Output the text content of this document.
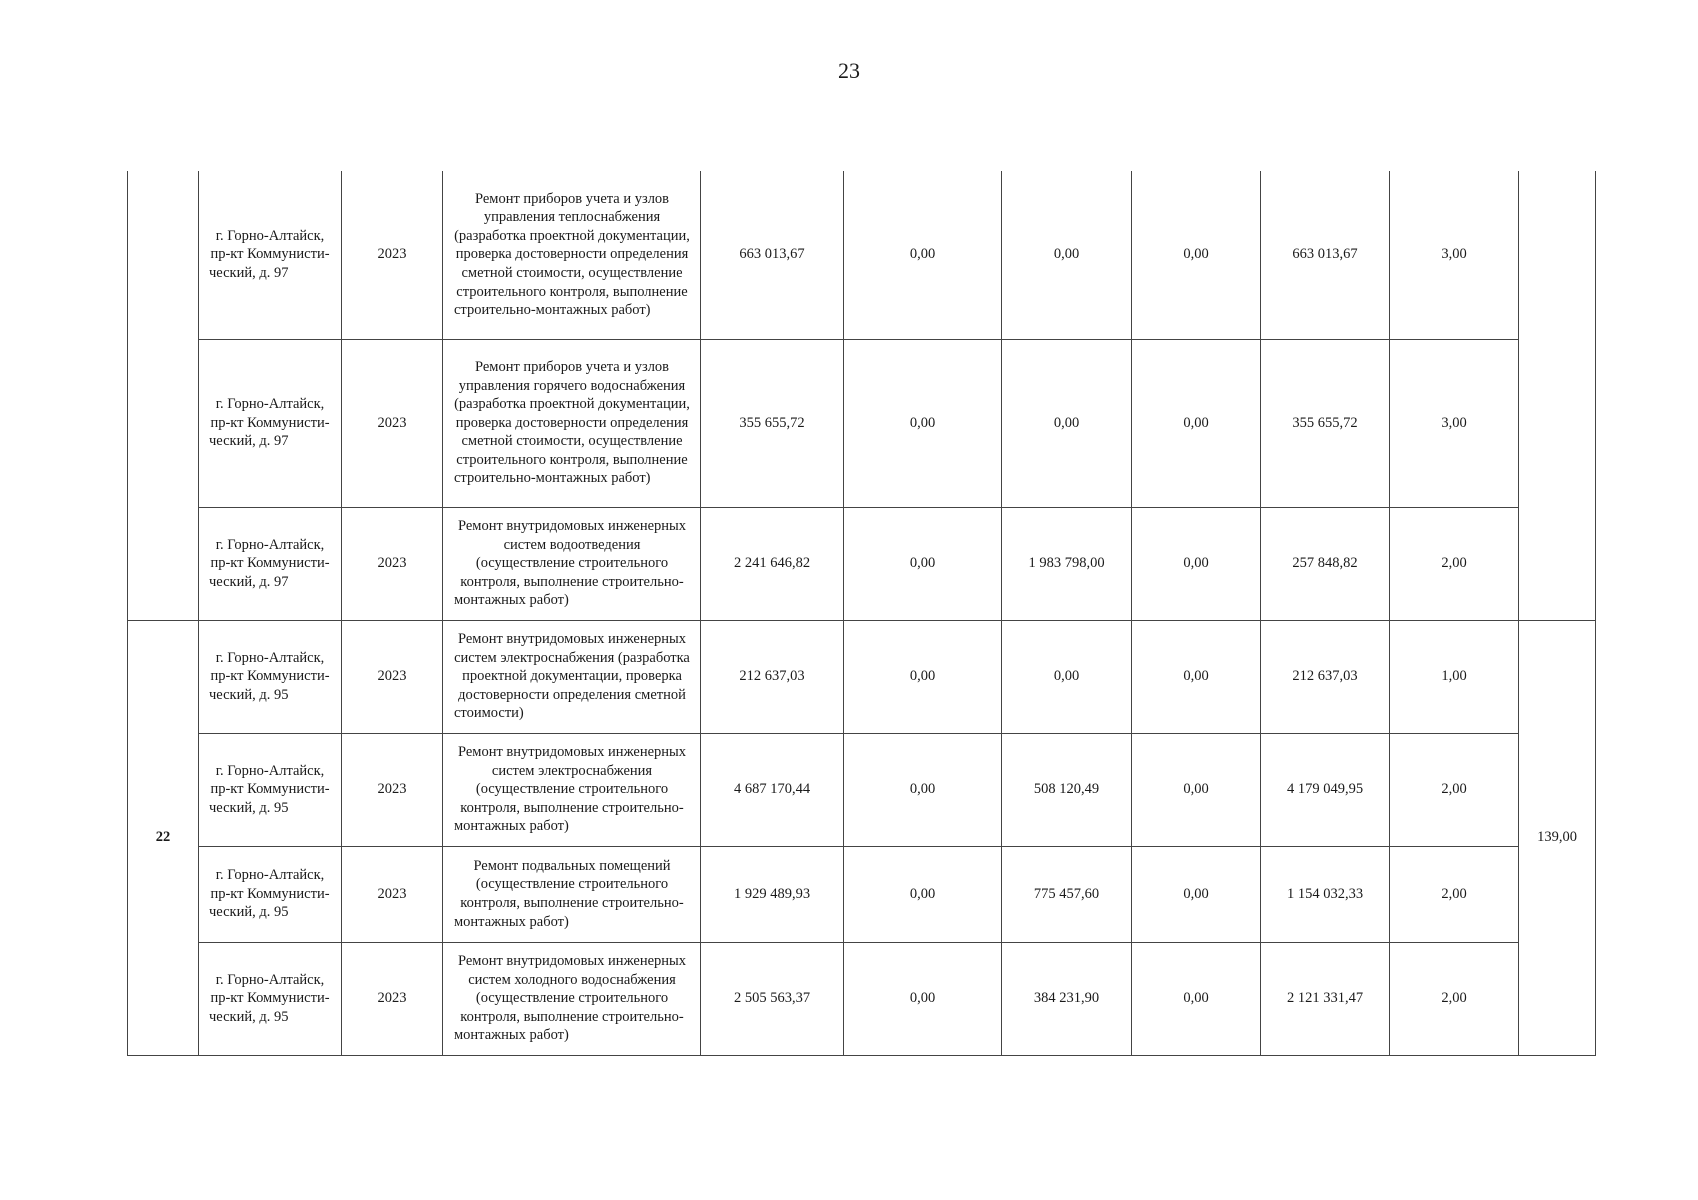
23
	г. Горно-Алтайск, пр-кт Коммунисти-ческий, д. 97	2023	Ремонт приборов учета и узлов управления теплоснабжения (разработка проектной документации, проверка достоверности определения сметной стоимости, осуществление строительного контроля, выполнение строительно-монтажных работ)	663 013,67	0,00	0,00	0,00	663 013,67	3,00	
	г. Горно-Алтайск, пр-кт Коммунисти-ческий, д. 97	2023	Ремонт приборов учета и узлов управления горячего водоснабжения (разработка проектной документации, проверка достоверности определения сметной стоимости, осуществление строительного контроля, выполнение строительно-монтажных работ)	355 655,72	0,00	0,00	0,00	355 655,72	3,00	
	г. Горно-Алтайск, пр-кт Коммунисти-ческий, д. 97	2023	Ремонт внутридомовых инженерных систем водоотведения (осуществление строительного контроля, выполнение строительно-монтажных работ)	2 241 646,82	0,00	1 983 798,00	0,00	257 848,82	2,00	
22	г. Горно-Алтайск, пр-кт Коммунисти-ческий, д. 95	2023	Ремонт внутридомовых инженерных систем электроснабжения (разработка проектной документации, проверка достоверности определения сметной стоимости)	212 637,03	0,00	0,00	0,00	212 637,03	1,00	139,00
	г. Горно-Алтайск, пр-кт Коммунисти-ческий, д. 95	2023	Ремонт внутридомовых инженерных систем электроснабжения (осуществление строительного контроля, выполнение строительно-монтажных работ)	4 687 170,44	0,00	508 120,49	0,00	4 179 049,95	2,00	
	г. Горно-Алтайск, пр-кт Коммунисти-ческий, д. 95	2023	Ремонт подвальных помещений (осуществление строительного контроля, выполнение строительно-монтажных работ)	1 929 489,93	0,00	775 457,60	0,00	1 154 032,33	2,00	
	г. Горно-Алтайск, пр-кт Коммунисти-ческий, д. 95	2023	Ремонт внутридомовых инженерных систем холодного водоснабжения (осуществление строительного контроля, выполнение строительно-монтажных работ)	2 505 563,37	0,00	384 231,90	0,00	2 121 331,47	2,00	
